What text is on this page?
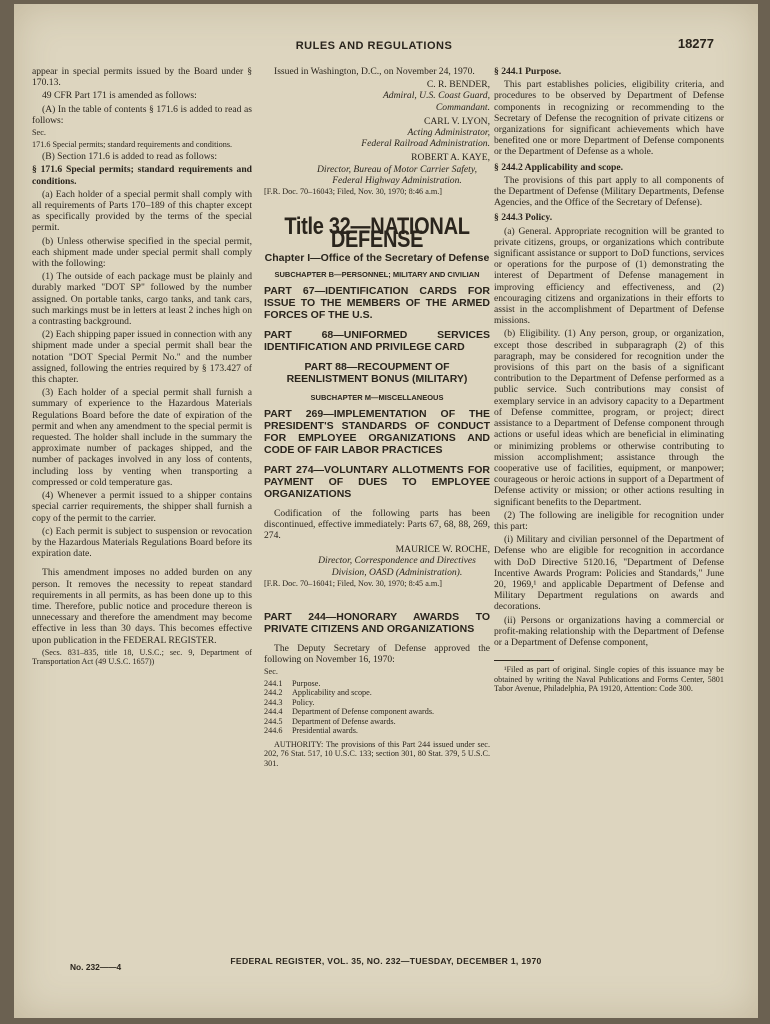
RULES AND REGULATIONS	18277

appear in special permits issued by the Board under § 170.13.

49 CFR Part 171 is amended as follows:

(A) In the table of contents § 171.6 is added to read as follows:

Sec.

171.6 Special permits; standard requirements and conditions.

(B) Section 171.6 is added to read as follows:

§ 171.6 Special permits; standard requirements and conditions.

(a) Each holder of a special permit shall comply with all requirements of Parts 170–189 of this chapter except as specifically provided by the terms of the special permit.

(b) Unless otherwise specified in the special permit, each shipment made under special permit shall comply with the following:

(1) The outside of each package must be plainly and durably marked "DOT SP" followed by the number assigned. On portable tanks, cargo tanks, and tank cars, such markings must be in letters at least 2 inches high on a contrasting background.

(2) Each shipping paper issued in connection with any shipment made under a special permit shall bear the notation "DOT Special Permit No." and the number assigned, following the entries required by § 173.427 of this chapter.

(3) Each holder of a special permit shall furnish a summary of experience to the Hazardous Materials Regulations Board before the date of expiration of the permit and when any amendment to the special permit is requested. The holder shall include in the summary the approximate number of packages shipped, and the number of packages involved in any loss of contents, including loss by venting when transporting a compressed or cold temperature gas.

(4) Whenever a permit issued to a shipper contains special carrier requirements, the shipper shall furnish a copy of the permit to the carrier.

(c) Each permit is subject to suspension or revocation by the Hazardous Materials Regulations Board before its expiration date.

This amendment imposes no added burden on any person. It removes the necessity to repeat standard requirements in all permits, as has been done up to this time. Therefore, public notice and procedure thereon is unnecessary and therefore the amendment may become effective in less than 30 days. This becomes effective upon publication in the FEDERAL REGISTER.

(Secs. 831–835, title 18, U.S.C.; sec. 9, Department of Transportation Act (49 U.S.C. 1657))

Issued in Washington, D.C., on November 24, 1970.

C. R. BENDER,
Admiral, U.S. Coast Guard,
Commandant.
CARL V. LYON,
Acting Administrator,
Federal Railroad Administration.
ROBERT A. KAYE,
Director, Bureau of Motor Carrier Safety, Federal Highway Administration.

[F.R. Doc. 70–16043; Filed, Nov. 30, 1970; 8:46 a.m.]

Title 32—NATIONAL DEFENSE
Chapter I—Office of the Secretary of Defense
SUBCHAPTER B—PERSONNEL; MILITARY AND CIVILIAN
PART 67—IDENTIFICATION CARDS FOR ISSUE TO THE MEMBERS OF THE ARMED FORCES OF THE U.S.
PART 68—UNIFORMED SERVICES IDENTIFICATION AND PRIVILEGE CARD
PART 88—RECOUPMENT OF REENLISTMENT BONUS (MILITARY)
SUBCHAPTER M—MISCELLANEOUS
PART 269—IMPLEMENTATION OF THE PRESIDENT'S STANDARDS OF CONDUCT FOR EMPLOYEE ORGANIZATIONS AND CODE OF FAIR LABOR PRACTICES
PART 274—VOLUNTARY ALLOTMENTS FOR PAYMENT OF DUES TO EMPLOYEE ORGANIZATIONS

Codification of the following parts has been discontinued, effective immediately: Parts 67, 68, 88, 269, 274.

MAURICE W. ROCHE,
Director, Correspondence and Directives Division, OASD (Administration).

[F.R. Doc. 70–16041; Filed, Nov. 30, 1970; 8:45 a.m.]

PART 244—HONORARY AWARDS TO PRIVATE CITIZENS AND ORGANIZATIONS

The Deputy Secretary of Defense approved the following on November 16, 1970:

Sec.

244.1	Purpose.
244.2	Applicability and scope.
244.3	Policy.
244.4	Department of Defense component awards.
244.5	Department of Defense awards.
244.6	Presidential awards.

AUTHORITY: The provisions of this Part 244 issued under sec. 202, 76 Stat. 517, 10 U.S.C. 133; section 301, 80 Stat. 379, 5 U.S.C. 301.

§ 244.1 Purpose.

This part establishes policies, eligibility criteria, and procedures to be observed by Department of Defense components in recognizing or recommending to the Secretary of Defense the recognition of private citizens or organizations for significant achievements which have benefited one or more Department of Defense components or the Department of Defense as a whole.

§ 244.2 Applicability and scope.

The provisions of this part apply to all components of the Department of Defense (Military Departments, Defense Agencies, and the Office of the Secretary of Defense).

§ 244.3 Policy.

(a) General. Appropriate recognition will be granted to private citizens, groups, or organizations which contribute significant assistance or support to DoD functions, services or operations for the purpose of (1) demonstrating the interest of Department of Defense management in improving efficiency and effectiveness, and (2) encouraging citizens and organizations in their efforts to assist in the accomplishment of Department of Defense missions.

(b) Eligibility. (1) Any person, group, or organization, except those described in subparagraph (2) of this paragraph, may be considered for recognition under the provisions of this part on the basis of a significant contribution to the Department of Defense performed as a public service. Such contributions may consist of exemplary service in an advisory capacity to a Department of Defense committee, program, or project; direct assistance to a Department of Defense component through actions or useful ideas which are beneficial in eliminating or minimizing problems or otherwise contributing to mission accomplishment; assistance through the cooperative use of facilities, equipment, or manpower; courageous or heroic actions in support of a Department of Defense activity or mission; or other actions resulting in significant benefits to the Department.

(2) The following are ineligible for recognition under this part:

(i) Military and civilian personnel of the Department of Defense who are eligible for recognition in accordance with DoD Directive 5120.16, "Department of Defense Incentive Awards Program: Policies and Standards," June 20, 1969,¹ and applicable Department of Defense and Military Department regulations on awards and decorations.

(ii) Persons or organizations having a commercial or profit-making relationship with the Department of Defense or a Department of Defense component,

¹Filed as part of original. Single copies of this issuance may be obtained by writing the Naval Publications and Forms Center, 5801 Tabor Avenue, Philadelphia, PA 19120, Attention: Code 300.

No. 232——4
FEDERAL REGISTER, VOL. 35, NO. 232—TUESDAY, DECEMBER 1, 1970
